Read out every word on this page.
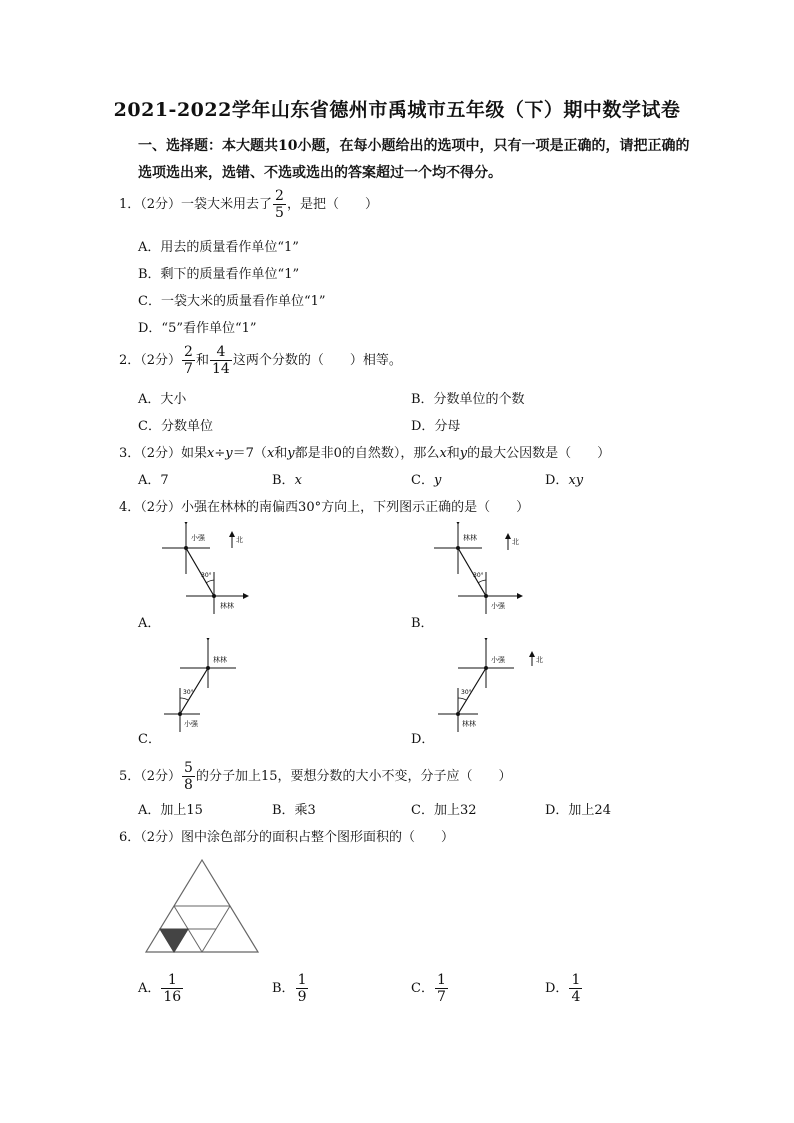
2021-2022学年山东省德州市禹城市五年级（下）期中数学试卷
一、选择题：本大题共10小题，在每小题给出的选项中，只有一项是正确的，请把正确的
选项选出来，选错、不选或选出的答案超过一个均不得分。
1．（2分）一袋大米用去了 $\frac{2}{5}$ ，是把（　　）
A．用去的质量看作单位“1”
B．剩下的质量看作单位“1”
C．一袋大米的质量看作单位“1”
D．“5”看作单位“1”
2．（2分） $\frac{2}{7}$ 和 $\frac{4}{14}$ 这两个分数的（　　）相等。
A．大小	B．分数单位的个数
C．分数单位	D．分母
3．（2分）如果x÷y＝7（x和y都是非0的自然数），那么x和y的最大公因数是（　　）
A．7	B．x	C．y	D．xy
4．（2分）小强在林林的南偏西30°方向上，下列图示正确的是（　　）
小强
林林
30°
北
A．
林林
小强
30°
北
B．
林林
小强
30°
C．
小强
林林
30°
北
D．
5．（2分） $\frac{5}{8}$ 的分子加上15，要想分数的大小不变，分子应（　　）
A．加上15	B．乘3	C．加上32	D．加上24
6．（2分）图中涂色部分的面积占整个图形面积的（　　）
A． $\frac{1}{16}$	B． $\frac{1}{9}$	C． $\frac{1}{7}$	D． $\frac{1}{4}$
